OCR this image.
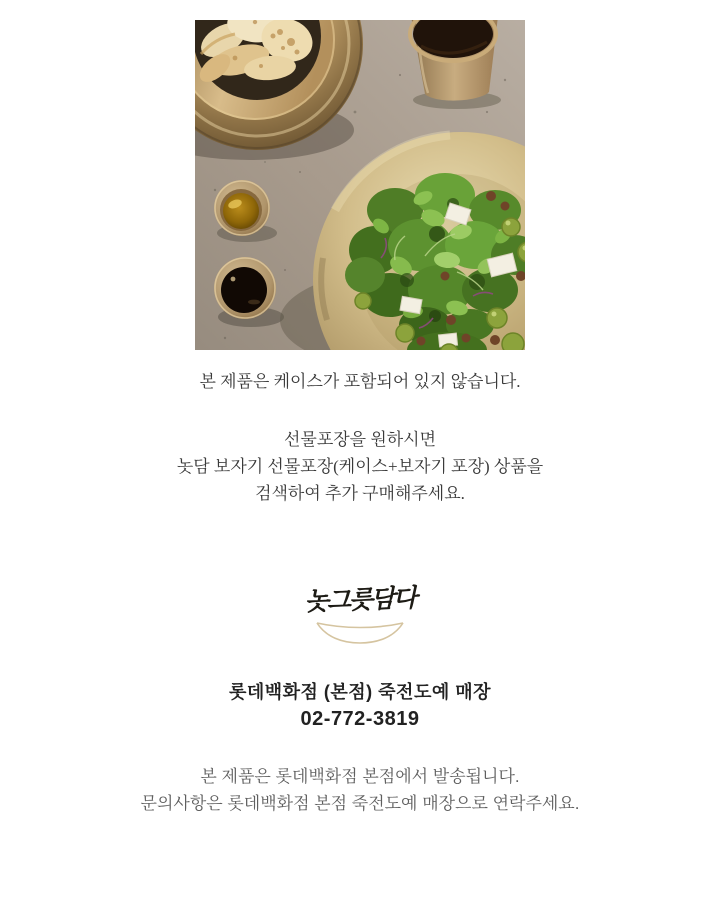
본 제품은 케이스가 포함되어 있지 않습니다.

선물포장을 원하시면

놋담 보자기 선물포장(케이스+보자기 포장) 상품을

검색하여 추가 구매해주세요.

놋그릇담다

롯데백화점 (본점) 죽전도예 매장

02-772-3819

본 제품은 롯데백화점 본점에서 발송됩니다.

문의사항은 롯데백화점 본점 죽전도예 매장으로 연락주세요.
